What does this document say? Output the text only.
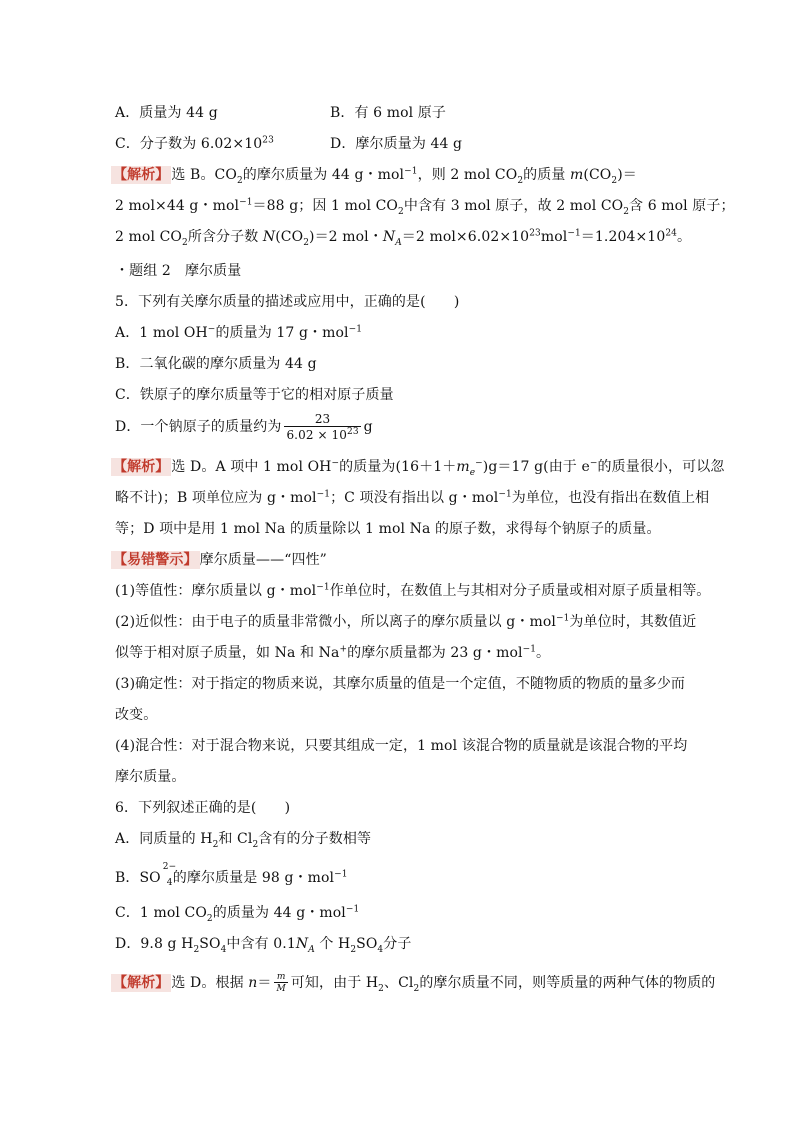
A．质量为 44 g	B．有 6 mol 原子
C．分子数为 $6.02\times 10^{23}$	D．摩尔质量为 44 g
【解析】 选 B。$CO_2$的摩尔质量为 44 g・mol$^{-1}$，则 2 mol $CO_2$的质量 $m(CO_2)=$
2 mol×44 g・mol$^{-1}$＝88 g；因 1 mol $CO_2$中含有 3 mol 原子，故 2 mol $CO_2$含 6 mol 原子；
2 mol $CO_2$所含分子数 $N(CO_2)=2$ mol・$N_A=2$ $mol\times 6.02\times 10^{23}mol^{-1}=1.204\times 10^{24}$。
・题组 2　摩尔质量
5．下列有关摩尔质量的描述或应用中，正确的是(　　)
A．1 mol OH−的质量为 17 g・mol$^{-1}$
B．二氧化碳的摩尔质量为 44 g
C．铁原子的摩尔质量等于它的相对原子质量
D．一个钠原子的质量约为 $\frac{23}{6.02 \times 10^{23}}$ g
【解析】 选 D。A 项中 1 mol OH−的质量为$(16+1+m_e^-)g=17$ g(由于 e−的质量很小，可以忽
略不计)；B 项单位应为 g・mol$^{-1}$；C 项没有指出以 g・mol$^{-1}$为单位，也没有指出在数值上相
等；D 项中是用 1 mol Na 的质量除以 1 mol Na 的原子数，求得每个钠原子的质量。
【易错警示】 摩尔质量——“四性”
(1)等值性：摩尔质量以 g・mol$^{-1}$作单位时，在数值上与其相对分子质量或相对原子质量相等。
(2)近似性：由于电子的质量非常微小，所以离子的摩尔质量以 g・mol$^{-1}$为单位时，其数值近
似等于相对原子质量，如 Na 和 Na+的摩尔质量都为 23 g・mol$^{-1}$。
(3)确定性：对于指定的物质来说，其摩尔质量的值是一个定值，不随物质的物质的量多少而
改变。
(4)混合性：对于混合物来说，只要其组成一定，1 mol 该混合物的质量就是该混合物的平均
摩尔质量。
6．下列叙述正确的是(　　)
A．同质量的 $H_2$和 $Cl_2$含有的分子数相等
B．SO
2−
4 的摩尔质量是 98 g・mol$^{-1}$
C．1 mol $CO_2$的质量为 44 g・mol$^{-1}$
D．9.8 g $H_2SO_4$中含有 $0.1N_A$ 个 $H_2SO_4$分子
【解析】 选 D。根据 $n= \frac{m}{M}$ 可知，由于 $H_2$、$Cl_2$的摩尔质量不同，则等质量的两种气体的物质的
